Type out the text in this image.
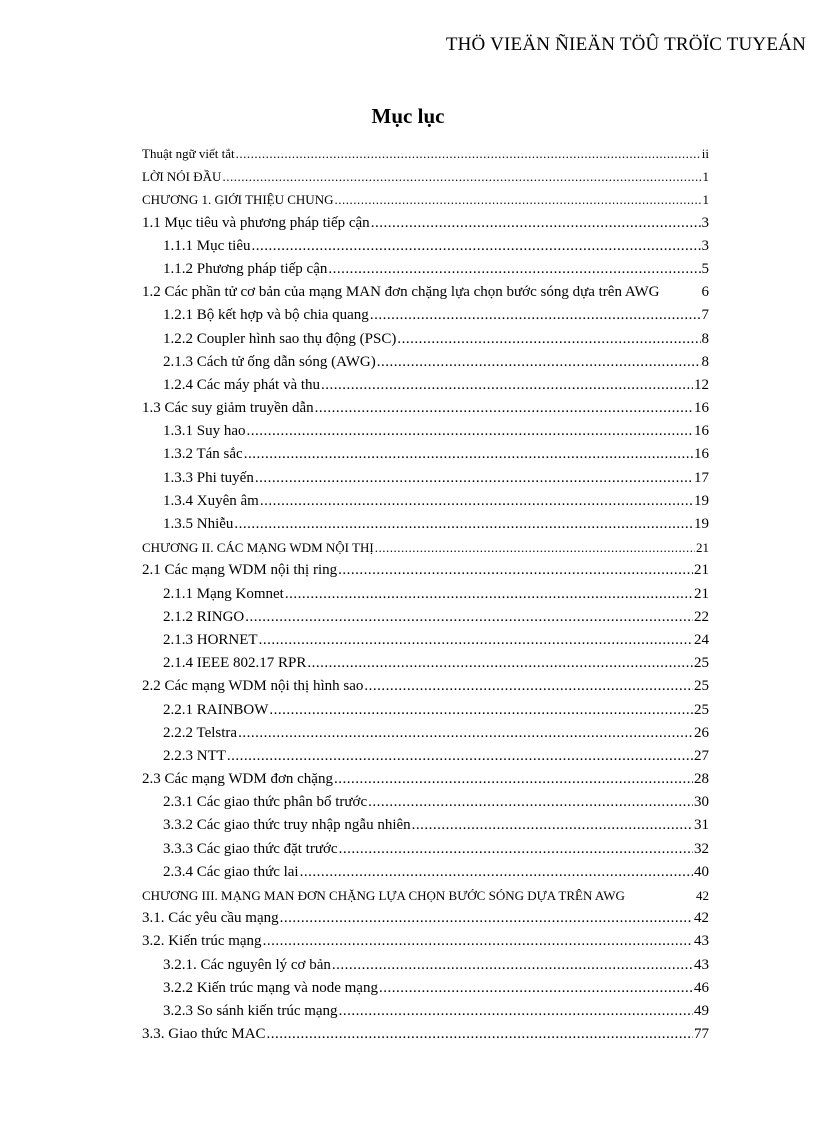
THÖ VIEÄN ÑIEÄN TÖÛ TRÖÏC TUYEÁN
Mục lục
Thuật ngữ viết tắt .....	ii
LỜI NÓI ĐẦU .....	1
CHƯƠNG 1. GIỚI THIỆU CHUNG .....	1
1.1 Mục tiêu và phương pháp tiếp cận .....	3
1.1.1 Mục tiêu .....	3
1.1.2 Phương pháp tiếp cận .....	5
1.2 Các phần tử cơ bản của mạng MAN đơn chặng lựa chọn bước sóng dựa trên AWG	6
1.2.1 Bộ kết hợp và bộ chia quang .....	7
1.2.2 Coupler hình sao thụ động (PSC) .....	8
2.1.3 Cách tử ống dẫn sóng (AWG) .....	8
1.2.4 Các máy phát và thu .....	12
1.3 Các suy giảm truyền dẫn .....	16
1.3.1 Suy hao .....	16
1.3.2 Tán sắc .....	16
1.3.3 Phi tuyến .....	17
1.3.4 Xuyên âm .....	19
1.3.5 Nhiễu .....	19
CHƯƠNG II. CÁC MẠNG WDM NỘI THỊ .....	21
2.1 Các mạng WDM nội thị ring .....	21
2.1.1 Mạng Komnet .....	21
2.1.2 RINGO .....	22
2.1.3 HORNET .....	24
2.1.4 IEEE 802.17 RPR .....	25
2.2 Các mạng WDM nội thị hình sao .....	25
2.2.1 RAINBOW .....	25
2.2.2 Telstra .....	26
2.2.3 NTT .....	27
2.3 Các mạng WDM đơn chặng .....	28
2.3.1 Các giao thức phân bổ trước .....	30
3.3.2 Các giao thức truy nhập ngẫu nhiên .....	31
3.3.3 Các giao thức đặt trước .....	32
2.3.4 Các giao thức lai .....	40
CHƯƠNG III. MẠNG MAN ĐƠN CHẶNG LỰA CHỌN BƯỚC SÓNG DỰA TRÊN AWG	42
3.1. Các yêu cầu mạng .....	42
3.2. Kiến trúc mạng .....	43
3.2.1. Các nguyên lý cơ bản .....	43
3.2.2 Kiến trúc mạng và node mạng .....	46
3.2.3 So sánh kiến trúc mạng .....	49
3.3. Giao thức MAC .....	77
